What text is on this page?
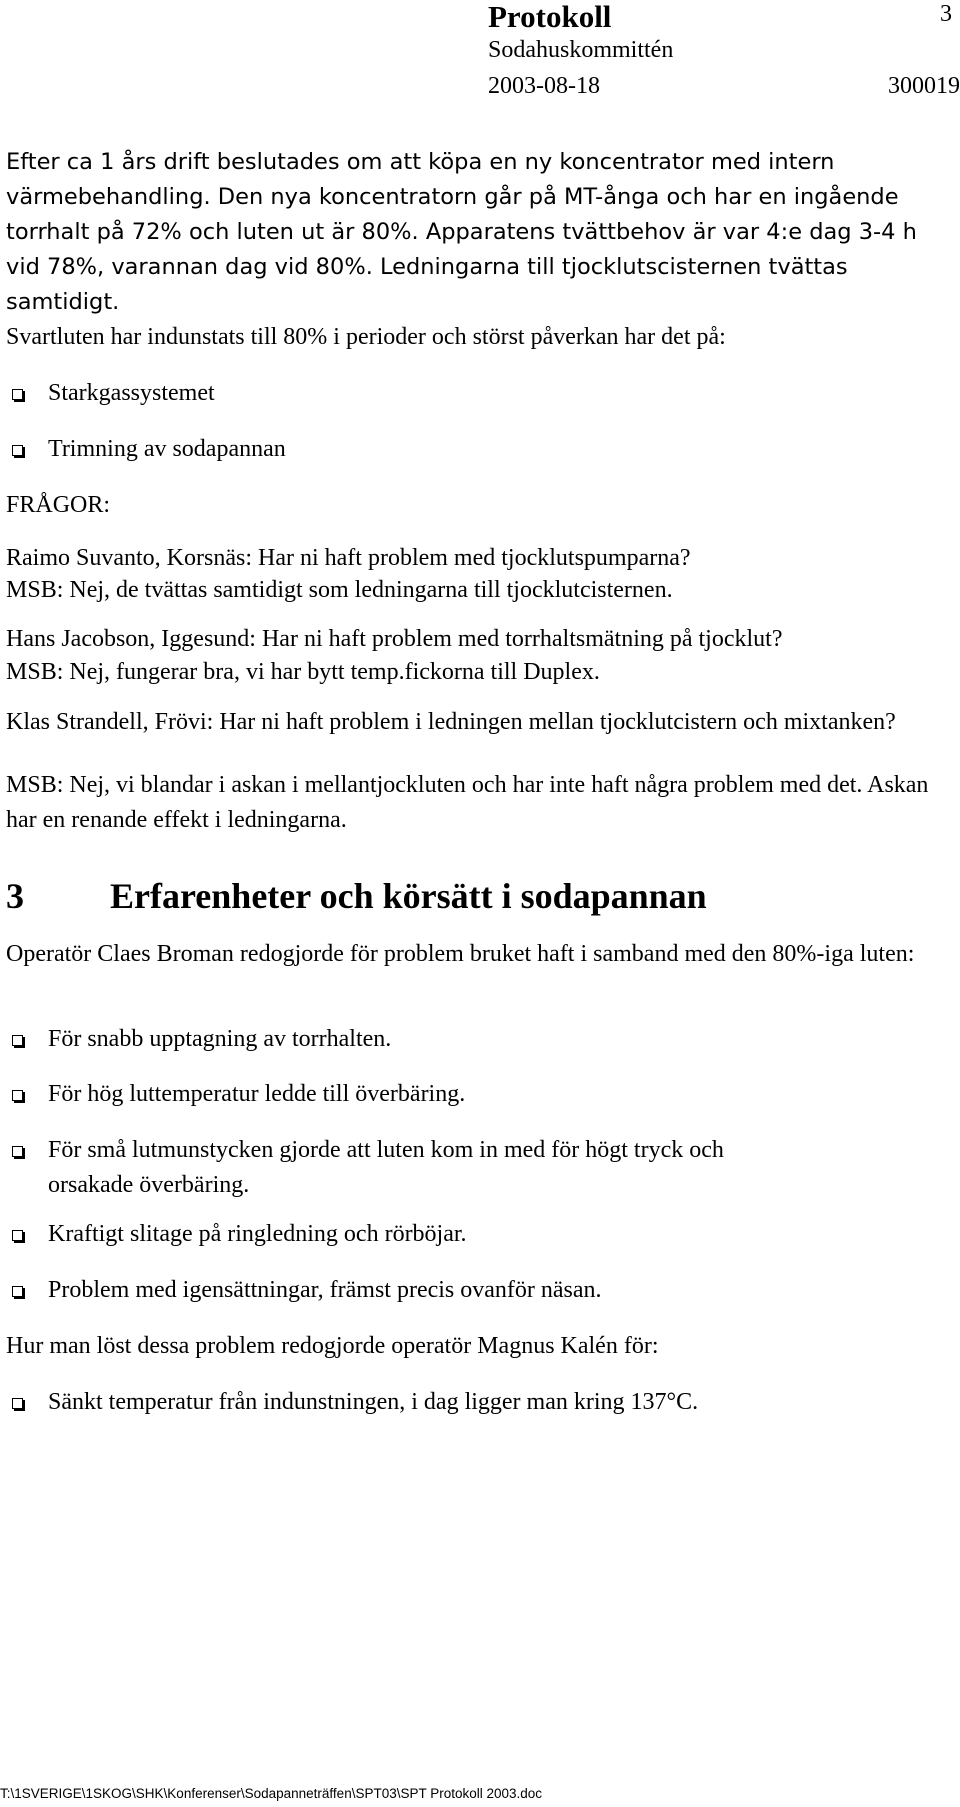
Protokoll	3
Sodahuskommittén
2003-08-18	300019

Efter ca 1 års drift beslutades om att köpa en ny koncentrator med intern värmebehandling. Den nya koncentratorn går på MT-ånga och har en ingående torrhalt på 72% och luten ut är 80%. Apparatens tvättbehov är var 4:e dag 3-4 h vid 78%, varannan dag vid 80%. Ledningarna till tjocklutscisternen tvättas samtidigt.

Svartluten har indunstats till 80% i perioder och störst påverkan har det på:

Starkgassystemet

Trimning av sodapannan

FRÅGOR:

Raimo Suvanto, Korsnäs: Har ni haft problem med tjocklutspumparna?

MSB: Nej, de tvättas samtidigt som ledningarna till tjocklutcisternen.

Hans Jacobson, Iggesund: Har ni haft problem med torrhaltsmätning på tjocklut?

MSB: Nej, fungerar bra, vi har bytt temp.fickorna till Duplex.

Klas Strandell, Frövi: Har ni haft problem i ledningen mellan tjocklutcistern och mixtanken?

MSB: Nej, vi blandar i askan i mellantjockluten och har inte haft några problem med det. Askan har en renande effekt i ledningarna.

3 Erfarenheter och körsätt i sodapannan

Operatör Claes Broman redogjorde för problem bruket haft i samband med den 80%-iga luten:

För snabb upptagning av torrhalten.

För hög luttemperatur ledde till överbäring.

För små lutmunstycken gjorde att luten kom in med för högt tryck och orsakade överbäring.

Kraftigt slitage på ringledning och rörböjar.

Problem med igensättningar, främst precis ovanför näsan.

Hur man löst dessa problem redogjorde operatör Magnus Kalén för:

Sänkt temperatur från indunstningen, i dag ligger man kring 137°C.

T:\1SVERIGE\1SKOG\SHK\Konferenser\Sodapanneträffen\SPT03\SPT Protokoll 2003.doc
